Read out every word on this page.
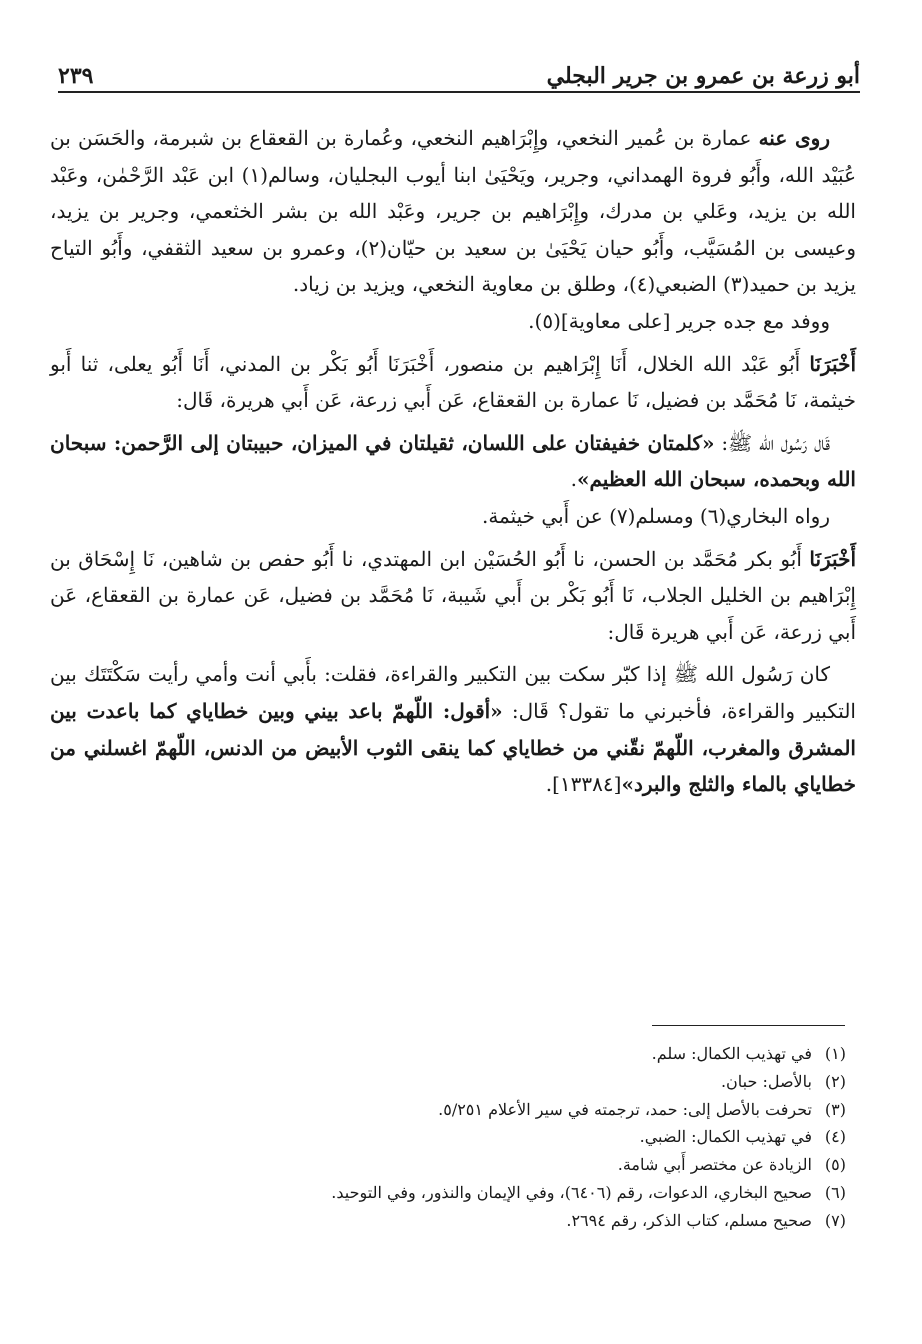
أبو زرعة بن عمرو بن جرير البجلي
٢٣٩

روى عنه عمارة بن عُمير النخعي، وإِبْرَاهيم النخعي، وعُمارة بن القعقاع بن شبرمة، والحَسَن بن عُبَيْد الله، وأَبُو فروة الهمداني، وجرير، ويَحْيَىٰ ابنا أيوب البجليان، وسالم(١) ابن عَبْد الرَّحْمٰن، وعَبْد الله بن يزيد، وعَلي بن مدرك، وإِبْرَاهيم بن جرير، وعَبْد الله بن بشر الخثعمي، وجرير بن يزيد، وعيسى بن المُسَيَّب، وأَبُو حيان يَحْيَىٰ بن سعيد بن حيّان(٢)، وعمرو بن سعيد الثقفي، وأَبُو التياح يزيد بن حميد(٣) الضبعي(٤)، وطلق بن معاوية النخعي، ويزيد بن زياد.

ووفد مع جده جرير [على معاوية](٥).

أَخْبَرَنَا أَبُو عَبْد الله الخلال، أَنَا إِبْرَاهيم بن منصور، أَخْبَرَنَا أَبُو بَكْر بن المدني، أَنَا أَبُو يعلى، ثنا أَبو خيثمة، نَا مُحَمَّد بن فضيل، نَا عمارة بن القعقاع، عَن أَبي زرعة، عَن أَبي هريرة، قَال:

قَال رَسُول الله ﷺ: «كلمتان خفيفتان على اللسان، ثقيلتان في الميزان، حبيبتان إلى الرَّحمن: سبحان الله وبحمده، سبحان الله العظيم».

رواه البخاري(٦) ومسلم(٧) عن أَبي خيثمة.

أَخْبَرَنَا أَبُو بكر مُحَمَّد بن الحسن، نا أَبُو الحُسَيْن ابن المهتدي، نا أَبُو حفص بن شاهين، نَا إِسْحَاق بن إِبْرَاهيم بن الخليل الجلاب، نَا أَبُو بَكْر بن أَبي شَيبة، نَا مُحَمَّد بن فضيل، عَن عمارة بن القعقاع، عَن أَبي زرعة، عَن أَبي هريرة قَال:

كان رَسُول الله ﷺ إذا كبّر سكت بين التكبير والقراءة، فقلت: بأَبي أنت وأمي رأيت سَكْتَتَك بين التكبير والقراءة، فأخبرني ما تقول؟ قَال: «أقول: اللّهمّ باعد بيني وبين خطاياي كما باعدت بين المشرق والمغرب، اللّهمّ نقّني من خطاياي كما ينقى الثوب الأبيض من الدنس، اللّهمّ اغسلني من خطاياي بالماء والثلج والبرد»[١٣٣٨٤].

(١)في تهذيب الكمال: سلم.
(٢)بالأصل: حبان.
(٣)تحرفت بالأصل إلى: حمد، ترجمته في سير الأعلام ٥/٢٥١.
(٤)في تهذيب الكمال: الضبي.
(٥)الزيادة عن مختصر أَبي شامة.
(٦)صحيح البخاري، الدعوات، رقم (٦٤٠٦)، وفي الإيمان والنذور، وفي التوحيد.
(٧)صحيح مسلم، كتاب الذكر، رقم ٢٦٩٤.
